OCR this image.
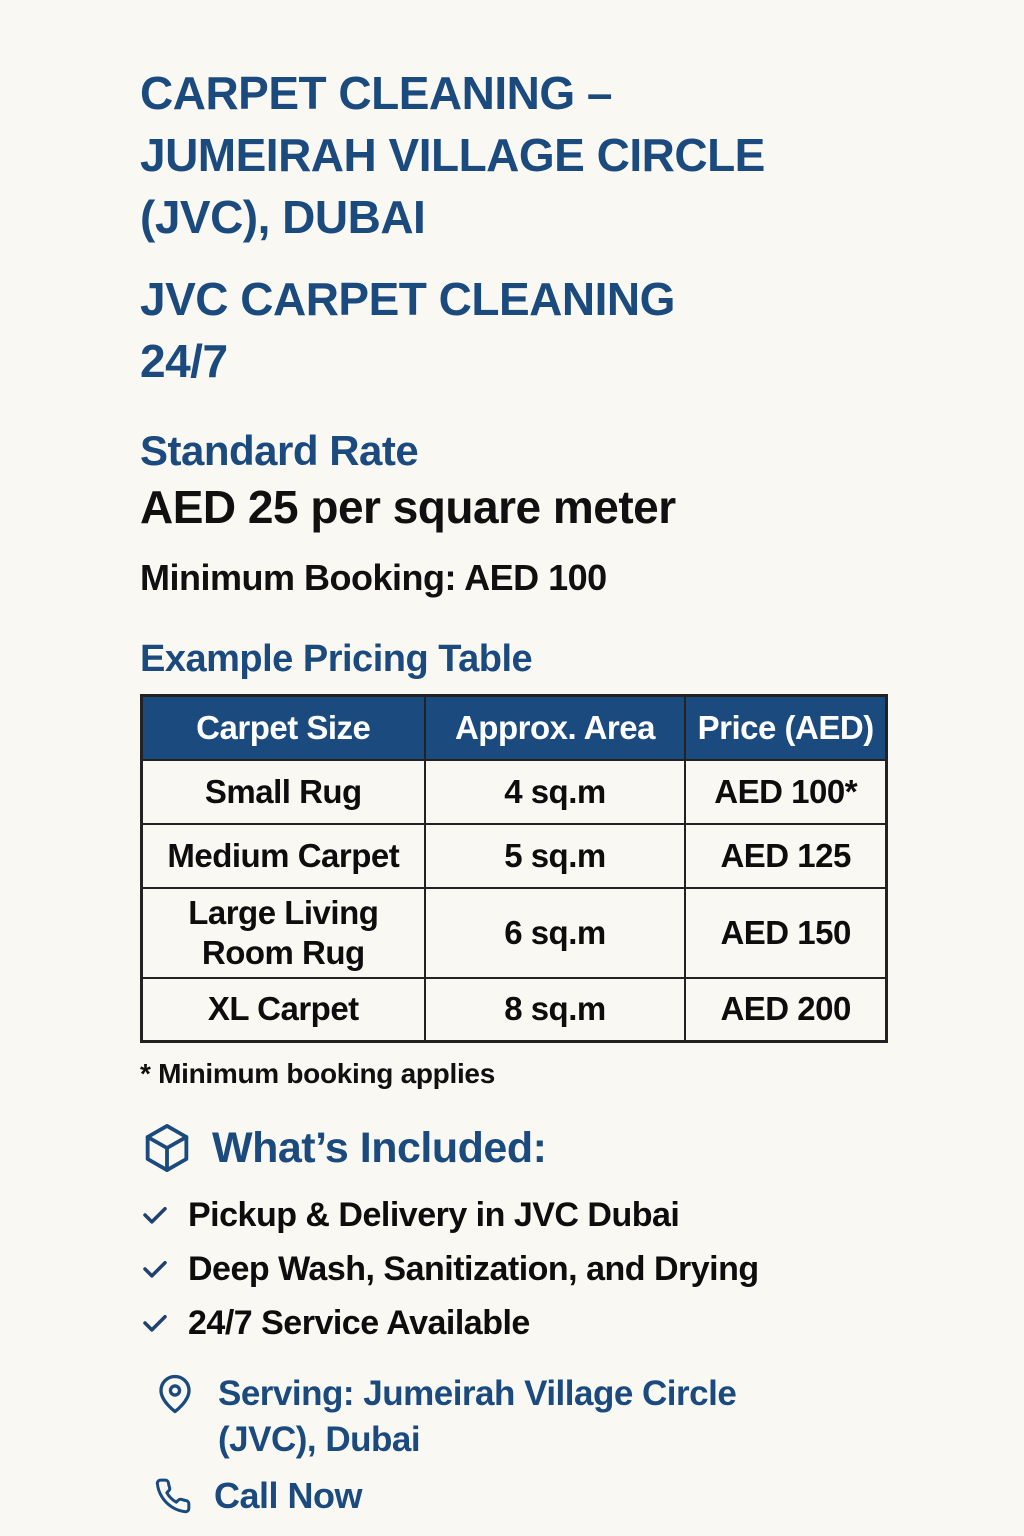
CARPET CLEANING –
JUMEIRAH VILLAGE CIRCLE
(JVC), DUBAI
JVC CARPET CLEANING
24/7
Standard Rate
AED 25 per square meter
Minimum Booking: AED 100
Example Pricing Table
Carpet Size	Approx. Area	Price (AED)
Small Rug	4 sq.m	AED 100*
Medium Carpet	5 sq.m	AED 125
Large Living Room Rug	6 sq.m	AED 150
XL Carpet	8 sq.m	AED 200
* Minimum booking applies
What’s Included:
Pickup & Delivery in JVC Dubai
Deep Wash, Sanitization, and Drying
24/7 Service Available
Serving: Jumeirah Village Circle (JVC), Dubai
Call Now
